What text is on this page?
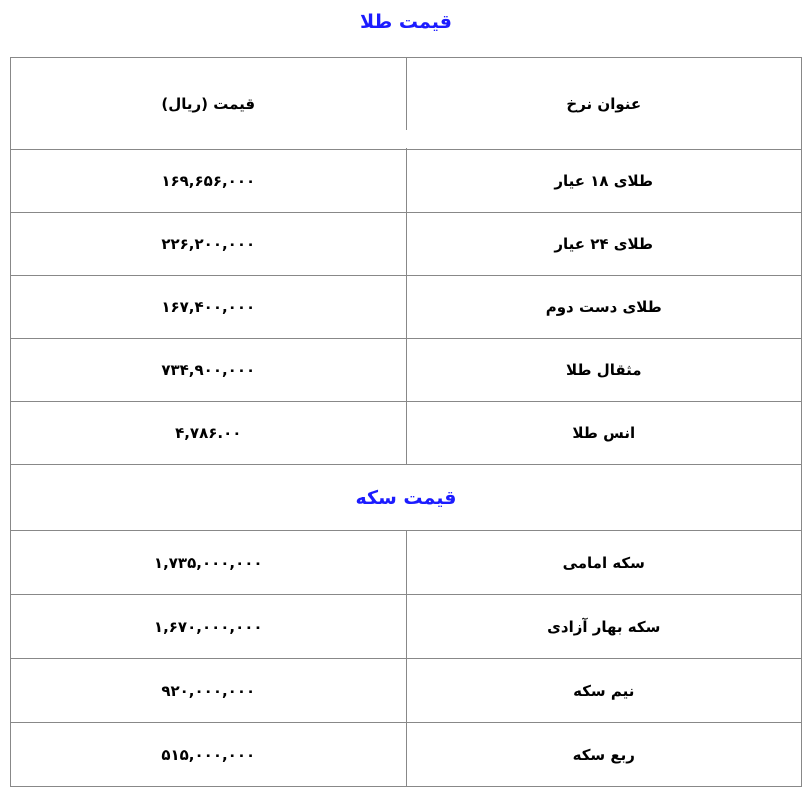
قیمت طلا
عنوان نرخ	قیمت (ریال)
طلای ۱۸ عیار	۱۶۹,۶۵۶,۰۰۰
طلای ۲۴ عیار	۲۲۶,۲۰۰,۰۰۰
طلای دست دوم	۱۶۷,۴۰۰,۰۰۰
مثقال طلا	۷۳۴,۹۰۰,۰۰۰
انس طلا	۴,۷۸۶.۰۰
قیمت سکه	
سکه امامی	۱,۷۳۵,۰۰۰,۰۰۰
سکه بهار آزادی	۱,۶۷۰,۰۰۰,۰۰۰
نیم سکه	۹۲۰,۰۰۰,۰۰۰
ربع سکه	۵۱۵,۰۰۰,۰۰۰
